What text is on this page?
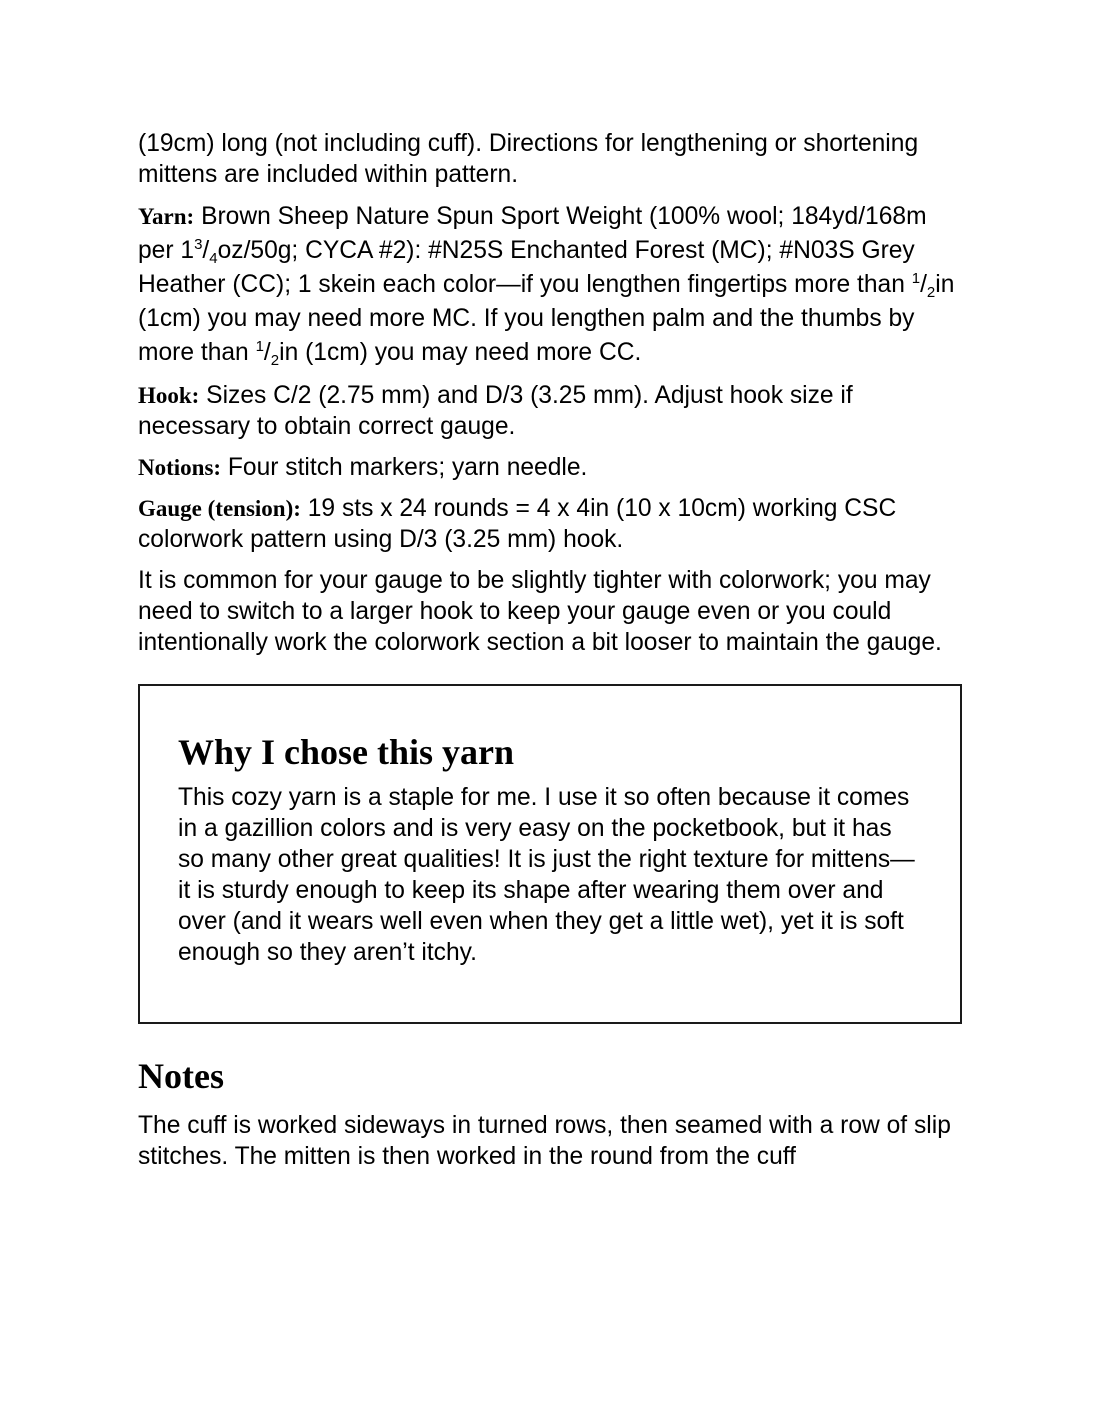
(19cm) long (not including cuff). Directions for lengthening or shortening mittens are included within pattern.

Yarn: Brown Sheep Nature Spun Sport Weight (100% wool; 184yd/168m per $1^3/_4oz/50g$; CYCA #2): #N25S Enchanted Forest (MC); #N03S Grey Heather (CC); 1 skein each color—if you lengthen fingertips more than $^1/_2in$ (1cm) you may need more MC. If you lengthen palm and the thumbs by more than $^1/_2in$ (1cm) you may need more CC.

Hook: Sizes C/2 (2.75 mm) and D/3 (3.25 mm). Adjust hook size if necessary to obtain correct gauge.

Notions: Four stitch markers; yarn needle.

Gauge (tension): 19 sts x 24 rounds = 4 x 4in (10 x 10cm) working CSC colorwork pattern using D/3 (3.25 mm) hook.

It is common for your gauge to be slightly tighter with colorwork; you may need to switch to a larger hook to keep your gauge even or you could intentionally work the colorwork section a bit looser to maintain the gauge.

Why I chose this yarn

This cozy yarn is a staple for me. I use it so often because it comes in a gazillion colors and is very easy on the pocketbook, but it has so many other great qualities! It is just the right texture for mittens—it is sturdy enough to keep its shape after wearing them over and over (and it wears well even when they get a little wet), yet it is soft enough so they aren’t itchy.

Notes

The cuff is worked sideways in turned rows, then seamed with a row of slip stitches. The mitten is then worked in the round from the cuff
